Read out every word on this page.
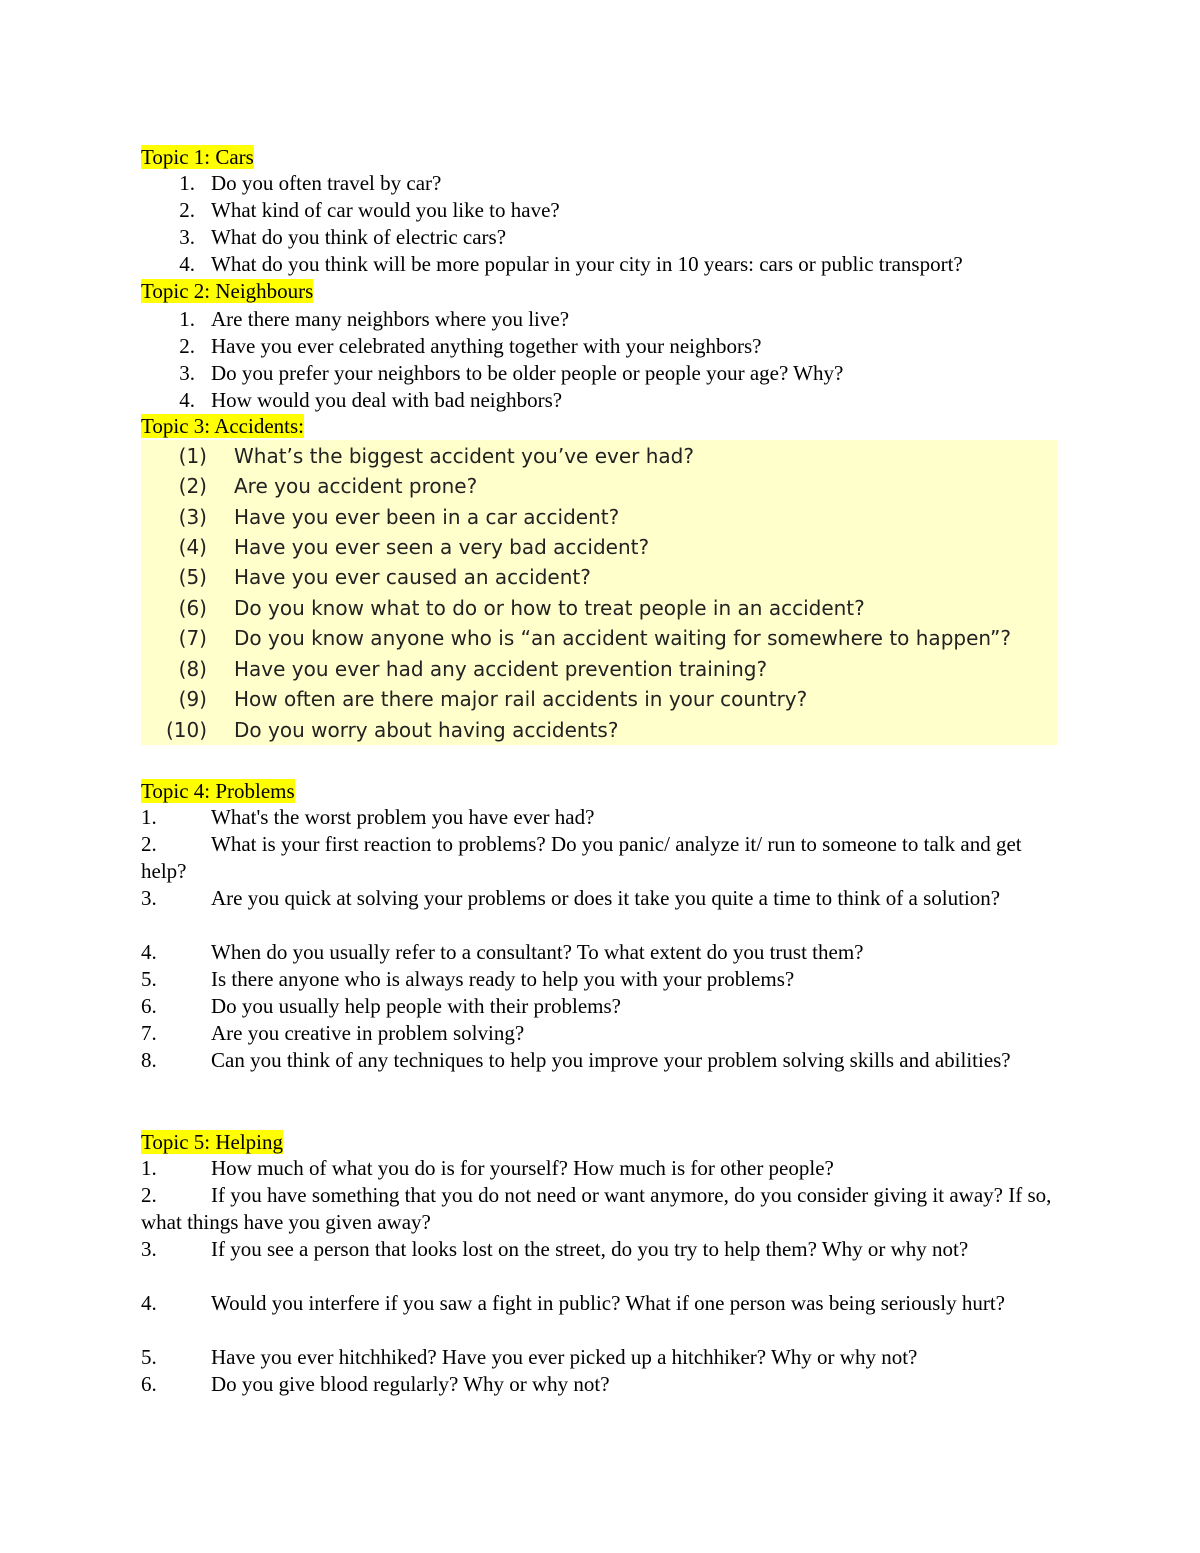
Topic 1: Cars
1. Do you often travel by car?
2. What kind of car would you like to have?
3. What do you think of electric cars?
4. What do you think will be more popular in your city in 10 years: cars or public transport?
Topic 2: Neighbours
1. Are there many neighbors where you live?
2. Have you ever celebrated anything together with your neighbors?
3. Do you prefer your neighbors to be older people or people your age? Why?
4. How would you deal with bad neighbors?
Topic 3: Accidents:
(1) What’s the biggest accident you’ve ever had?
(2) Are you accident prone?
(3) Have you ever been in a car accident?
(4) Have you ever seen a very bad accident?
(5) Have you ever caused an accident?
(6) Do you know what to do or how to treat people in an accident?
(7) Do you know anyone who is “an accident waiting for somewhere to happen”?
(8) Have you ever had any accident prevention training?
(9) How often are there major rail accidents in your country?
(10) Do you worry about having accidents?
Topic 4: Problems
1.	What's the worst problem you have ever had?
2.	What is your first reaction to problems? Do you panic/ analyze it/ run to someone to talk and get help?
3.	Are you quick at solving your problems or does it take you quite a time to think of a solution?
4.	When do you usually refer to a consultant? To what extent do you trust them?
5.	Is there anyone who is always ready to help you with your problems?
6.	Do you usually help people with their problems?
7.	Are you creative in problem solving?
8.	Can you think of any techniques to help you improve your problem solving skills and abilities?
Topic 5: Helping
1.	How much of what you do is for yourself? How much is for other people?
2.	If you have something that you do not need or want anymore, do you consider giving it away? If so, what things have you given away?
3.	If you see a person that looks lost on the street, do you try to help them? Why or why not?
4.	Would you interfere if you saw a fight in public? What if one person was being seriously hurt?
5.	Have you ever hitchhiked? Have you ever picked up a hitchhiker? Why or why not?
6.	Do you give blood regularly? Why or why not?
